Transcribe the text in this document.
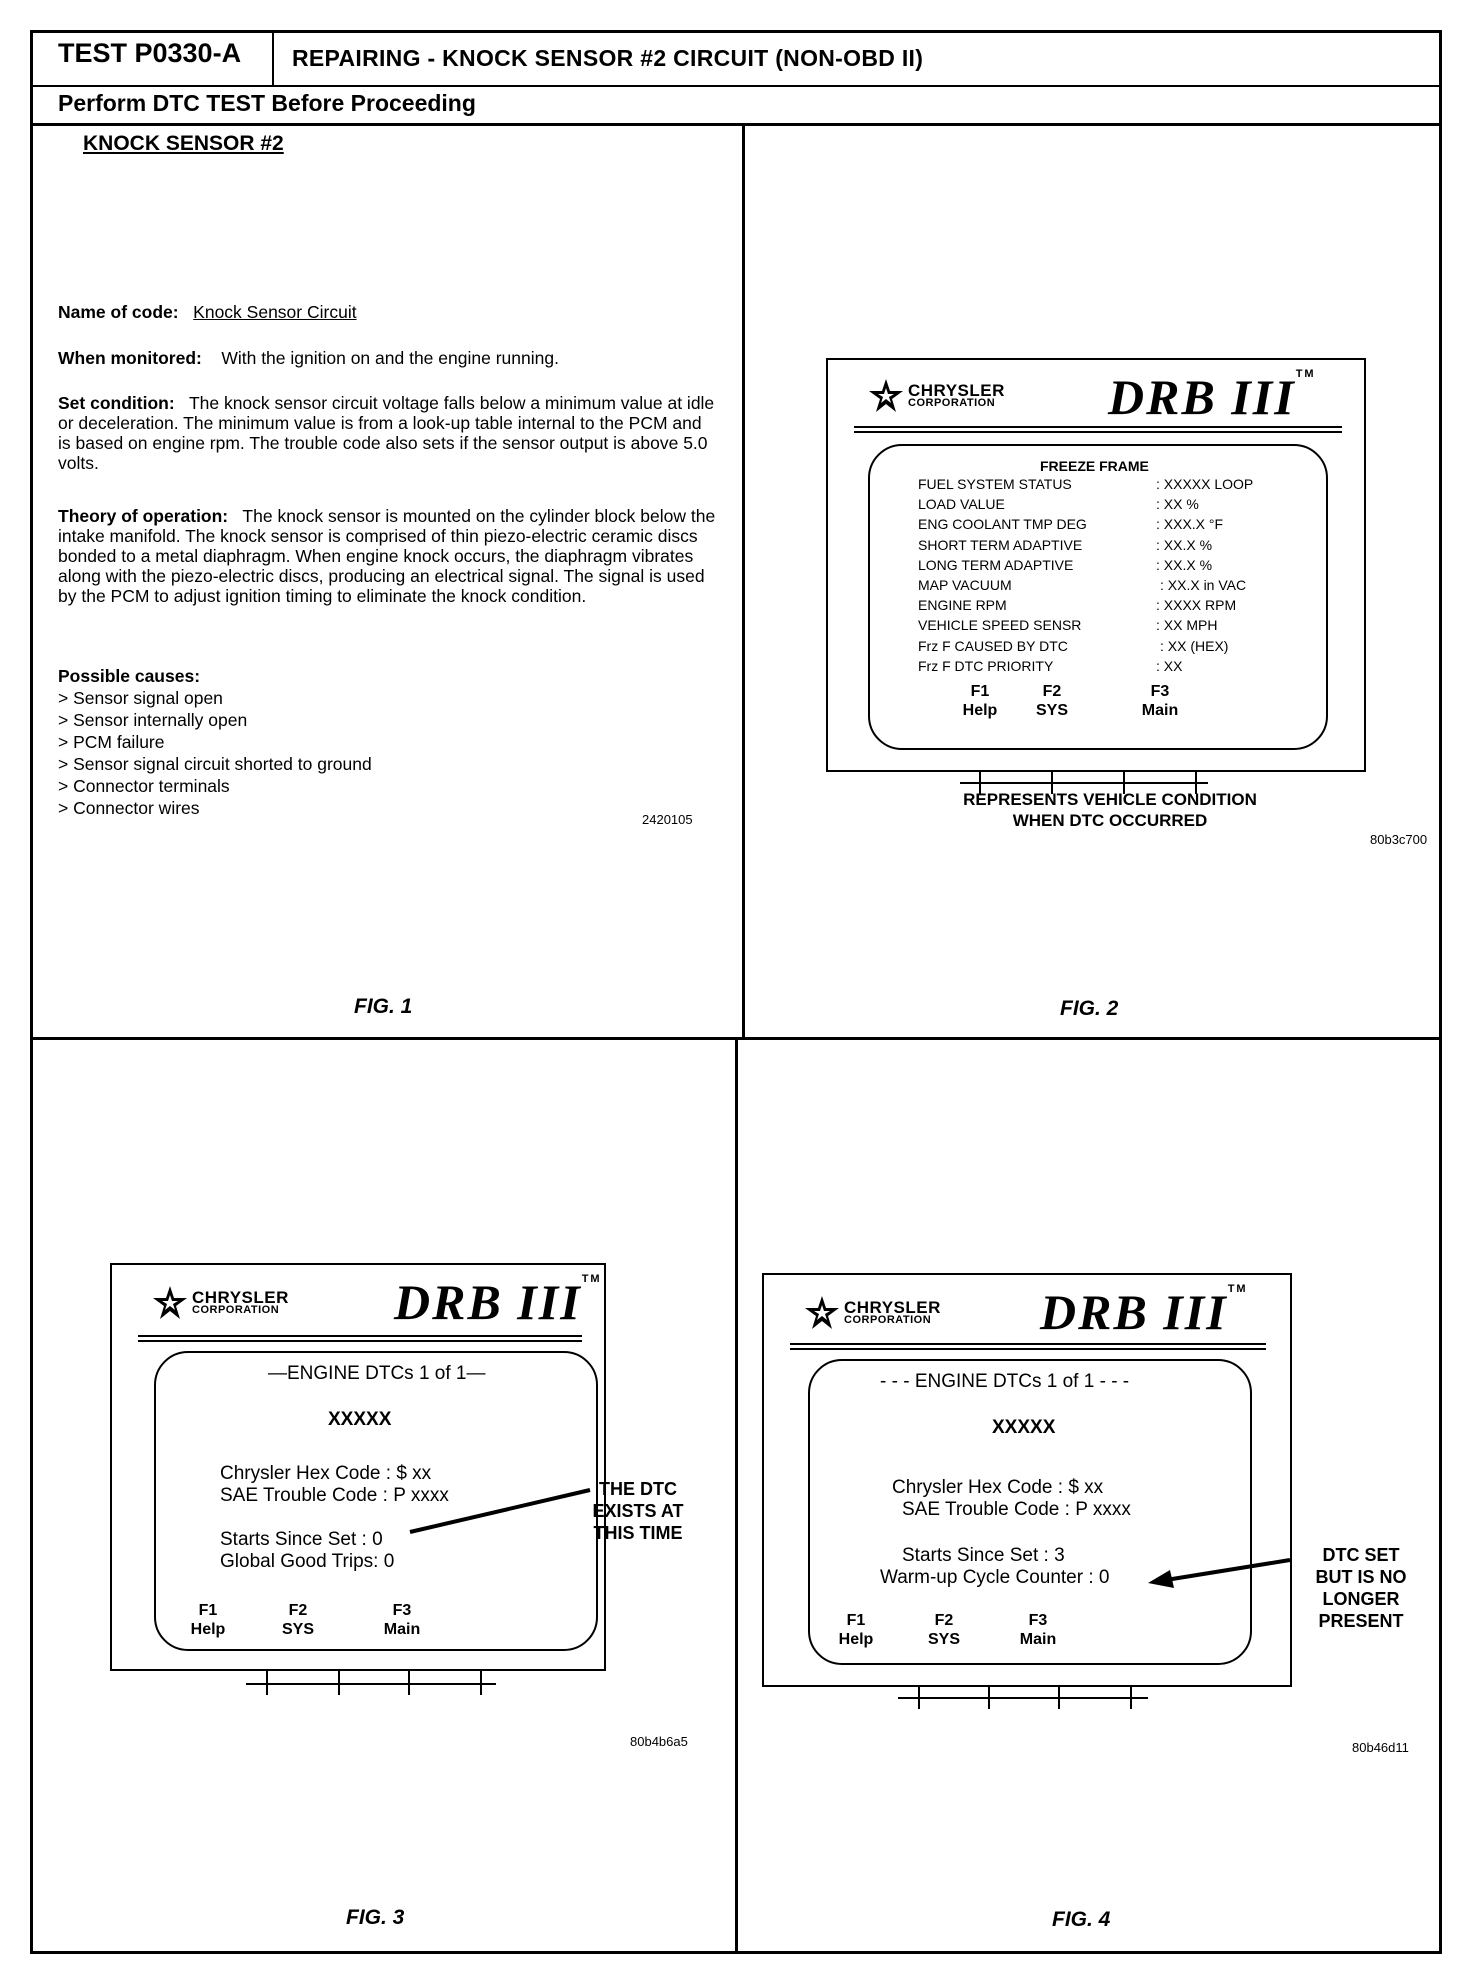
TEST P0330-A REPAIRING - KNOCK SENSOR #2 CIRCUIT (NON-OBD II)
Perform DTC TEST Before Proceeding
KNOCK SENSOR #2
Name of code: Knock Sensor Circuit
When monitored: With the ignition on and the engine running.
Set condition: The knock sensor circuit voltage falls below a minimum value at idle or deceleration. The minimum value is from a look-up table internal to the PCM and is based on engine rpm. The trouble code also sets if the sensor output is above 5.0 volts.
Theory of operation: The knock sensor is mounted on the cylinder block below the intake manifold. The knock sensor is comprised of thin piezo-electric ceramic discs bonded to a metal diaphragm. When engine knock occurs, the diaphragm vibrates along with the piezo-electric discs, producing an electrical signal. The signal is used by the PCM to adjust ignition timing to eliminate the knock condition.
Possible causes:
> Sensor signal open
> Sensor internally open
> PCM failure
> Sensor signal circuit shorted to ground
> Connector terminals
> Connector wires
2420105
FIG. 1
CHRYSLER
CORPORATION DRB III™
FREEZE FRAME
FUEL SYSTEM STATUS	: XXXXX LOOP
LOAD VALUE	: XX %
ENG COOLANT TMP DEG	: XXX.X °F
SHORT TERM ADAPTIVE	: XX.X %
LONG TERM ADAPTIVE	: XX.X %
MAP VACUUM	: XX.X in VAC
ENGINE RPM	: XXXX RPM
VEHICLE SPEED SENSR	: XX MPH
Frz F CAUSED BY DTC	: XX (HEX)
Frz F DTC PRIORITY	: XX
F1
Help
F2
SYS
F3
Main
REPRESENTS VEHICLE CONDITION
WHEN DTC OCCURRED
80b3c700
FIG. 2
CHRYSLER
CORPORATION DRB III™
—ENGINE DTCs 1 of 1—
XXXXX
Chrysler Hex Code : $ xx
SAE Trouble Code : P xxxx
Starts Since Set : 0
Global Good Trips: 0
F1
Help
F2
SYS
F3
Main
THE DTC
EXISTS AT
THIS TIME
80b4b6a5
FIG. 3
CHRYSLER
CORPORATION DRB III™
- - - ENGINE DTCs 1 of 1 - - -
XXXXX
Chrysler Hex Code : $ xx
SAE Trouble Code : P xxxx
Starts Since Set : 3
Warm-up Cycle Counter : 0
F1
Help
F2
SYS
F3
Main
DTC SET
BUT IS NO
LONGER
PRESENT
80b46d11
FIG. 4
